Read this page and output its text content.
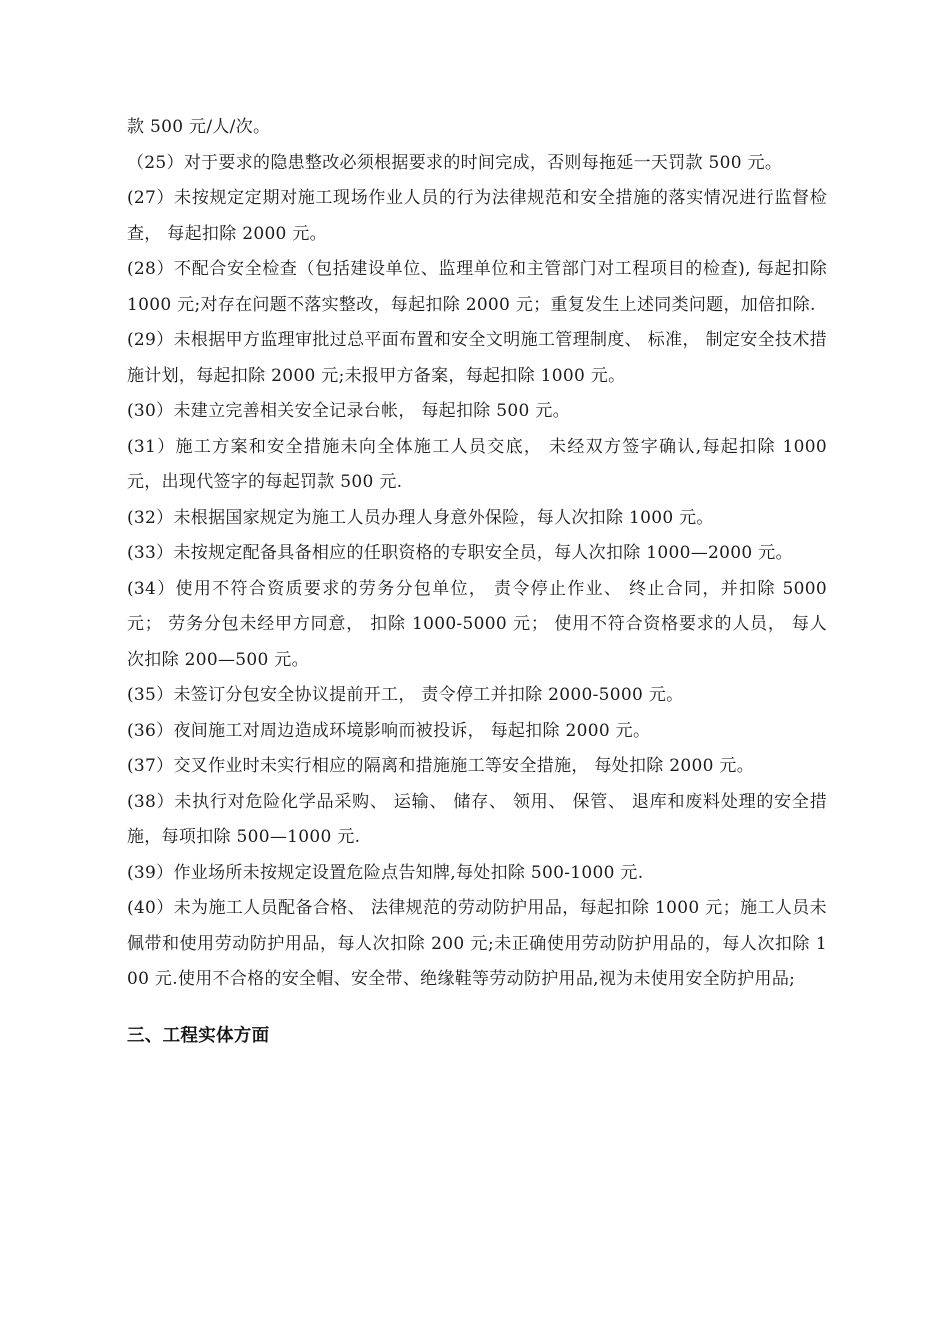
款 500 元/人/次。

（25）对于要求的隐患整改必须根据要求的时间完成，否则每拖延一天罚款 500 元。

(27）未按规定定期对施工现场作业人员的行为法律规范和安全措施的落实情况进行监督检查， 每起扣除 2000 元。

(28）不配合安全检查（包括建设单位、监理单位和主管部门对工程项目的检查), 每起扣除 1000 元;对存在问题不落实整改，每起扣除 2000 元；重复发生上述同类问题，加倍扣除.

(29）未根据甲方监理审批过总平面布置和安全文明施工管理制度、 标准， 制定安全技术措施计划，每起扣除 2000 元;未报甲方备案，每起扣除 1000 元。

(30）未建立完善相关安全记录台帐， 每起扣除 500 元。

(31）施工方案和安全措施未向全体施工人员交底， 未经双方签字确认,每起扣除 1000 元，出现代签字的每起罚款 500 元.

(32）未根据国家规定为施工人员办理人身意外保险，每人次扣除 1000 元。

(33）未按规定配备具备相应的任职资格的专职安全员，每人次扣除 1000—2000 元。

(34）使用不符合资质要求的劳务分包单位， 责令停止作业、 终止合同，并扣除 5000 元； 劳务分包未经甲方同意， 扣除 1000-5000 元； 使用不符合资格要求的人员， 每人次扣除 200—500 元。

(35）未签订分包安全协议提前开工， 责令停工并扣除 2000-5000 元。

(36）夜间施工对周边造成环境影响而被投诉， 每起扣除 2000 元。

(37）交叉作业时未实行相应的隔离和措施施工等安全措施， 每处扣除 2000 元。

(38）未执行对危险化学品采购、 运输、 储存、 领用、 保管、 退库和废料处理的安全措施，每项扣除 500—1000 元.

(39）作业场所未按规定设置危险点告知牌,每处扣除 500-1000 元.

(40）未为施工人员配备合格、 法律规范的劳动防护用品，每起扣除 1000 元；施工人员未佩带和使用劳动防护用品，每人次扣除 200 元;未正确使用劳动防护用品的，每人次扣除 100 元.使用不合格的安全帽、安全带、绝缘鞋等劳动防护用品,视为未使用安全防护用品;

三、工程实体方面
